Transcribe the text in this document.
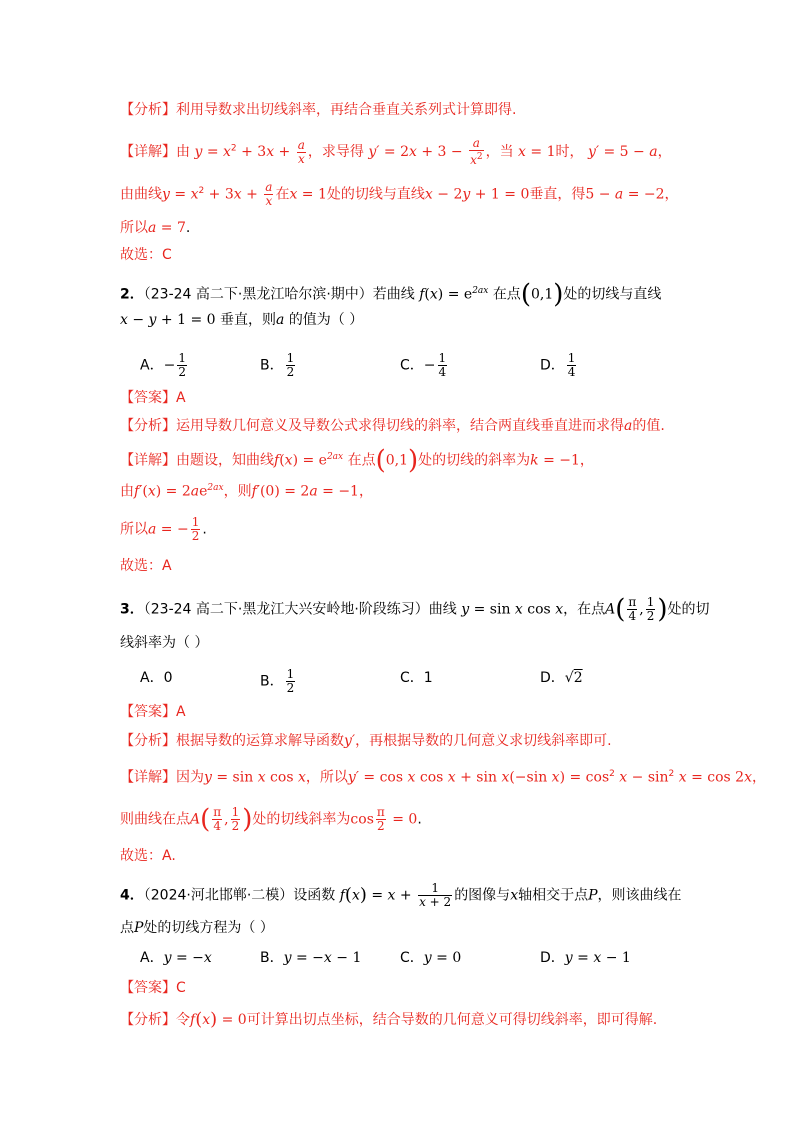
【分析】利用导数求出切线斜率，再结合垂直关系列式计算即得.
【详解】由 $y = x^2 + 3x + \frac{a}{x}$ ，求导得 $y' = 2x + 3 - \frac{a}{x^2}$ ，当 x = 1时， y′ = 5 − a，
由曲线$y = x^2 + 3x + \frac{a}{x}$ 在x = 1处的切线与直线x − 2y + 1 = 0垂直，得5 − a = −2，
所以a = 7.
故选：C
2．（23-24 高二下·黑龙江哈尔滨·期中）若曲线 $f(x) = e^{2ax}$ 在点(0,1)处的切线与直线
x − y + 1 = 0 垂直，则a 的值为（ ）
A．− $\frac{1}{2}$	B． $\frac{1}{2}$	C．− $\frac{1}{4}$	D． $\frac{1}{4}$
【答案】A
【分析】运用导数几何意义及导数公式求得切线的斜率，结合两直线垂直进而求得a的值.
【详解】由题设，知曲线$f(x) = e^{2ax}$ 在点(0,1)处的切线的斜率为k = −1，
由$f'(x) = 2ae^{2ax}$，则f′(0) = 2a = −1，
所以a = − $\frac{1}{2}$ .
故选：A
3．（23-24 高二下·黑龙江大兴安岭地·阶段练习）曲线 y = sin x cos x，在点$A( \frac{\pi}{4}$ , $\frac{1}{2}$ )处的切
线斜率为（ ）
A．0	B． $\frac{1}{2}$	C．1	D．√2
【答案】A
【分析】根据导数的运算求解导函数y′，再根据导数的几何意义求切线斜率即可.
【详解】因为y = sin x cos x，所以y′ = cos x cos x + sin x(−sin $x) = \cos^2 x - \sin^2 x = \cos 2x$，
则曲线在点$A( \frac{\pi}{4}$ , $\frac{1}{2}$ )处的切线斜率为$\cos \frac{\pi}{2} = 0$.
故选：A.
4．（2024·河北邯郸·二模）设函数 $f(x) = x + \frac{1}{x + 2}$ 的图像与x轴相交于点P，则该曲线在
点P处的切线方程为（ ）
A．y = −x	B．y = −x − 1	C．y = 0	D．y = x − 1
【答案】C
【分析】令f(x) = 0可计算出切点坐标，结合导数的几何意义可得切线斜率，即可得解.
